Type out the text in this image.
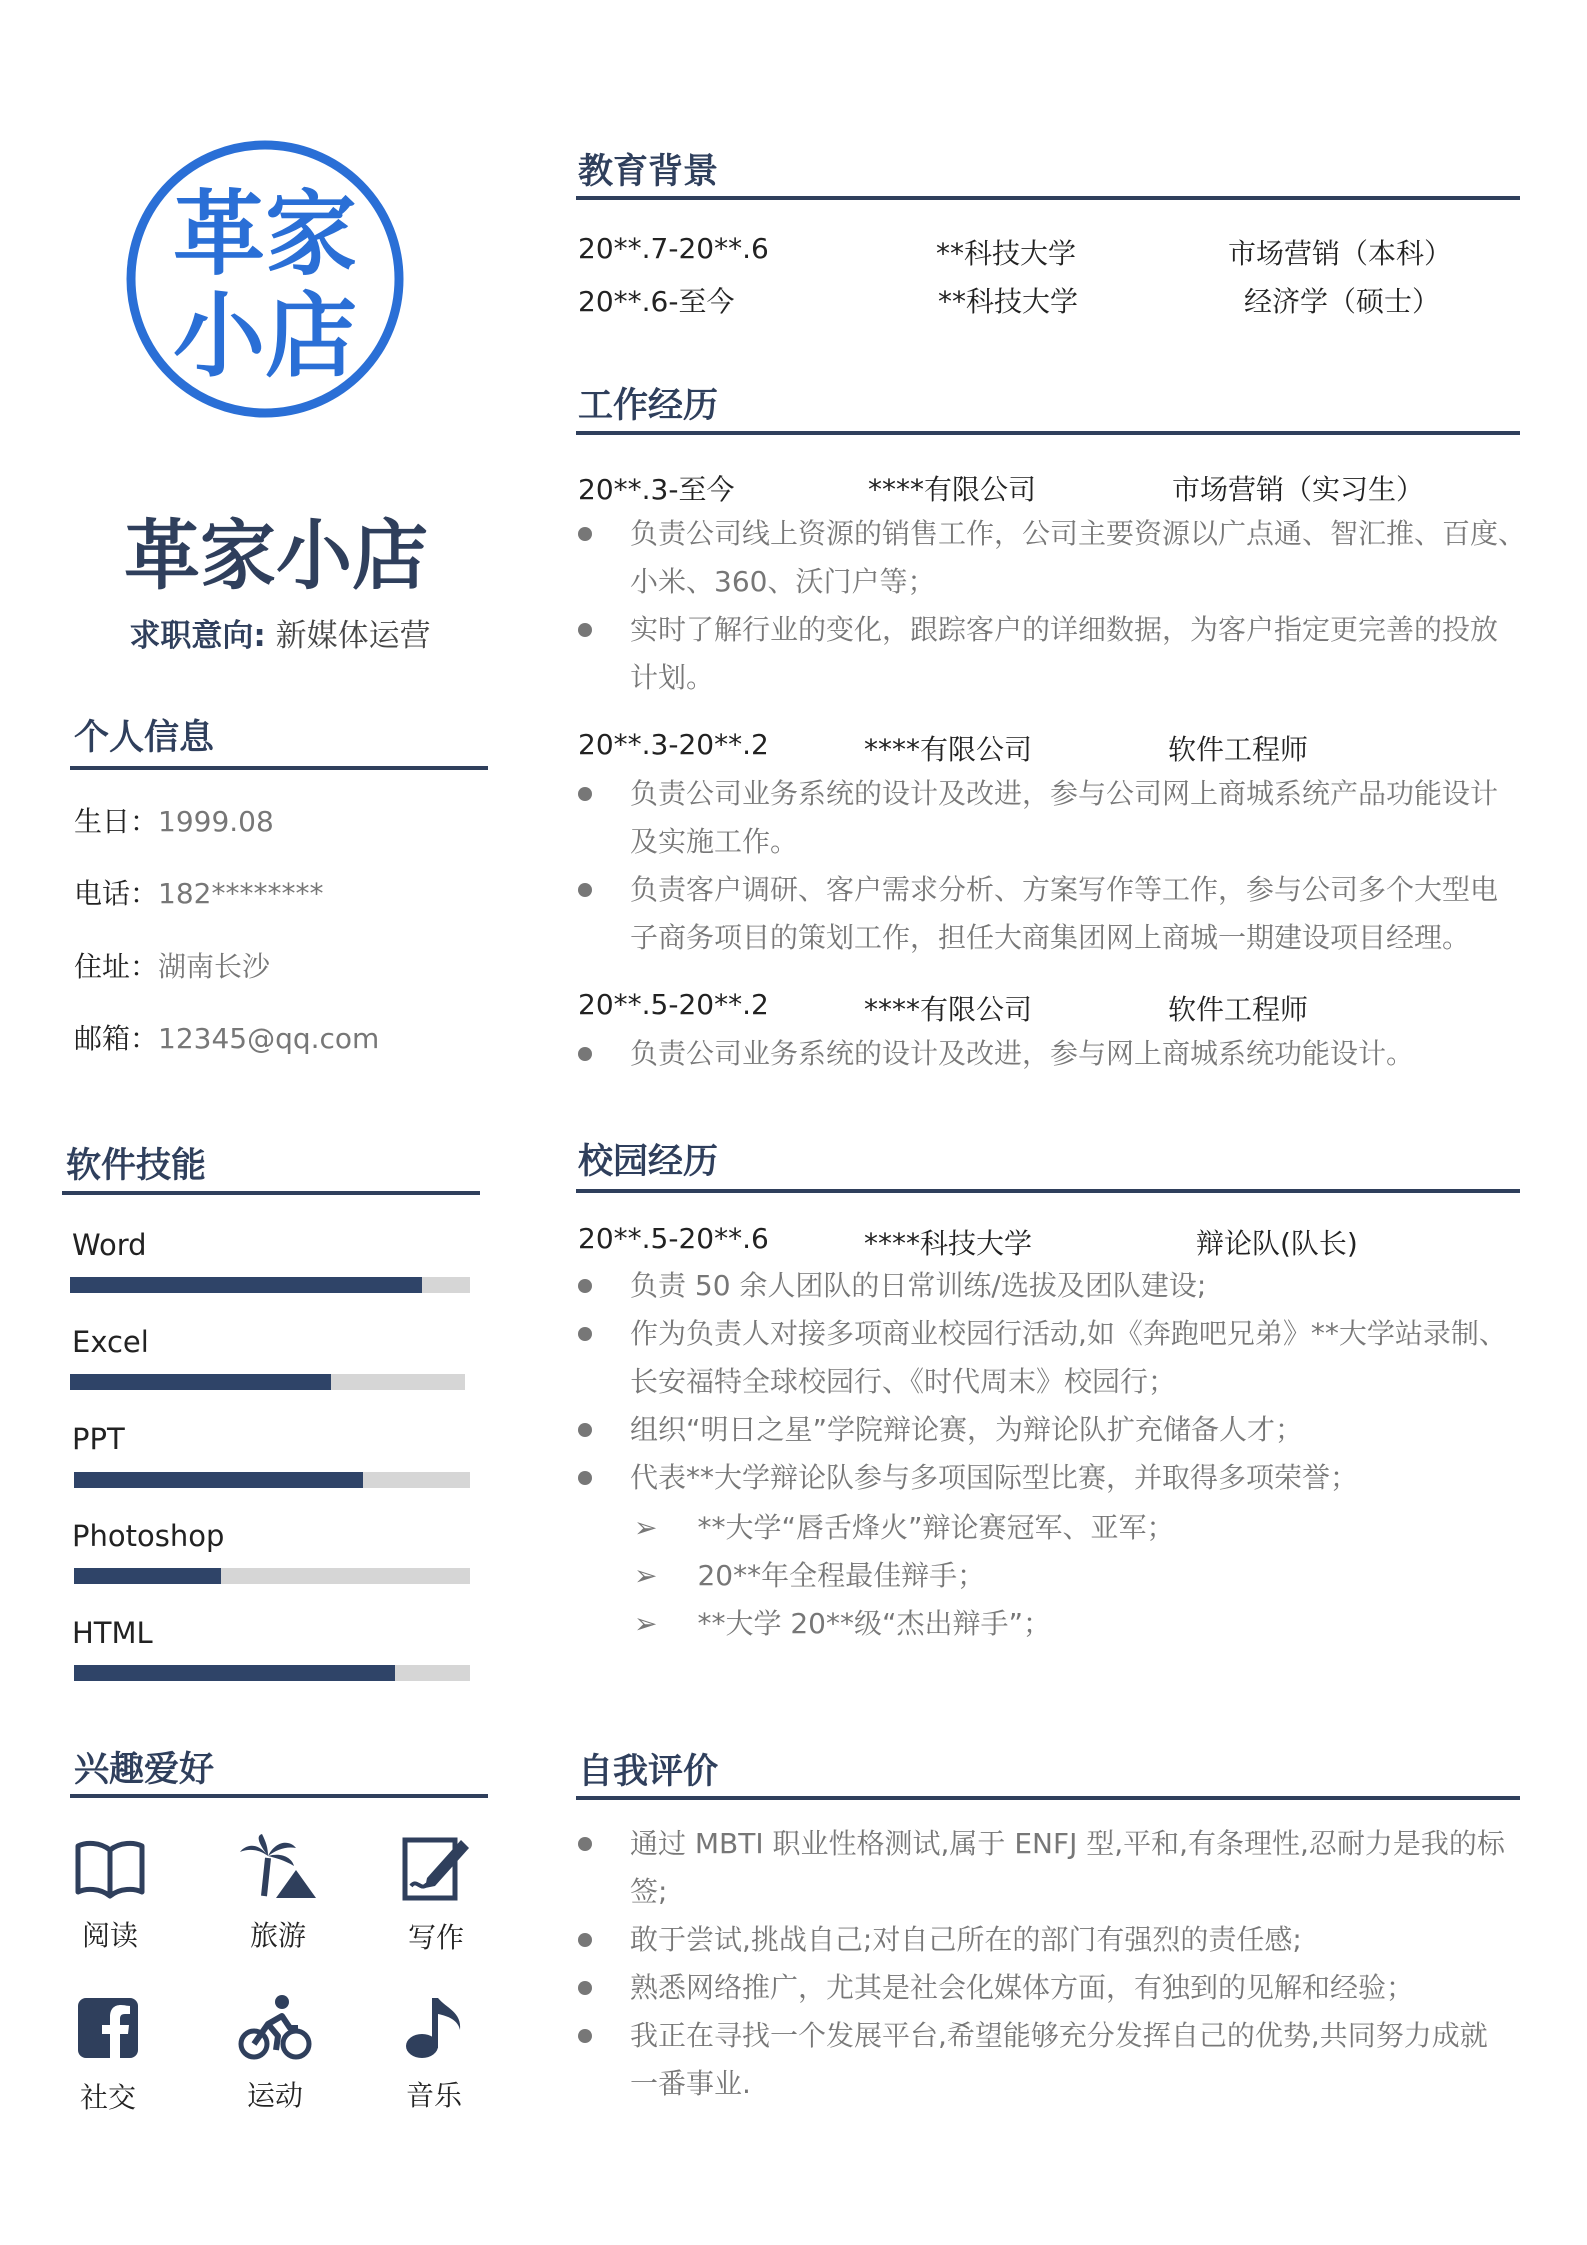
革家
小店
革家小店
求职意向: 新媒体运营
个人信息
生日：1999.08
电话：182********
住址：湖南长沙
邮箱：12345@qq.com
软件技能
Word
Excel
PPT
Photoshop
HTML
兴趣爱好
阅读	旅游	写作
社交	运动	音乐
教育背景
20**.7-20**.6	**科技大学	市场营销（本科）
20**.6-至今	**科技大学	经济学（硕士）
工作经历
20**.3-至今	****有限公司	市场营销（实习生）
负责公司线上资源的销售工作，公司主要资源以广点通、智汇推、百度、
小米、360、沃门户等；
实时了解行业的变化，跟踪客户的详细数据，为客户指定更完善的投放
计划。
20**.3-20**.2	****有限公司	软件工程师
负责公司业务系统的设计及改进，参与公司网上商城系统产品功能设计
及实施工作。
负责客户调研、客户需求分析、方案写作等工作，参与公司多个大型电
子商务项目的策划工作，担任大商集团网上商城一期建设项目经理。
20**.5-20**.2	****有限公司	软件工程师
负责公司业务系统的设计及改进，参与网上商城系统功能设计。
校园经历
20**.5-20**.6	****科技大学	辩论队(队长)
负责 50 余人团队的日常训练/选拔及团队建设;
作为负责人对接多项商业校园行活动,如《奔跑吧兄弟》**大学站录制、
长安福特全球校园行、《时代周末》校园行；
组织“明日之星”学院辩论赛，为辩论队扩充储备人才；
代表**大学辩论队参与多项国际型比赛，并取得多项荣誉；
➢ **大学“唇舌烽火”辩论赛冠军、亚军；
➢ 20**年全程最佳辩手；
➢ **大学 20**级“杰出辩手”；
自我评价
通过 MBTI 职业性格测试,属于 ENFJ 型,平和,有条理性,忍耐力是我的标
签;
敢于尝试,挑战自己;对自己所在的部门有强烈的责任感;
熟悉网络推广，尤其是社会化媒体方面，有独到的见解和经验；
我正在寻找一个发展平台,希望能够充分发挥自己的优势,共同努力成就
一番事业.
